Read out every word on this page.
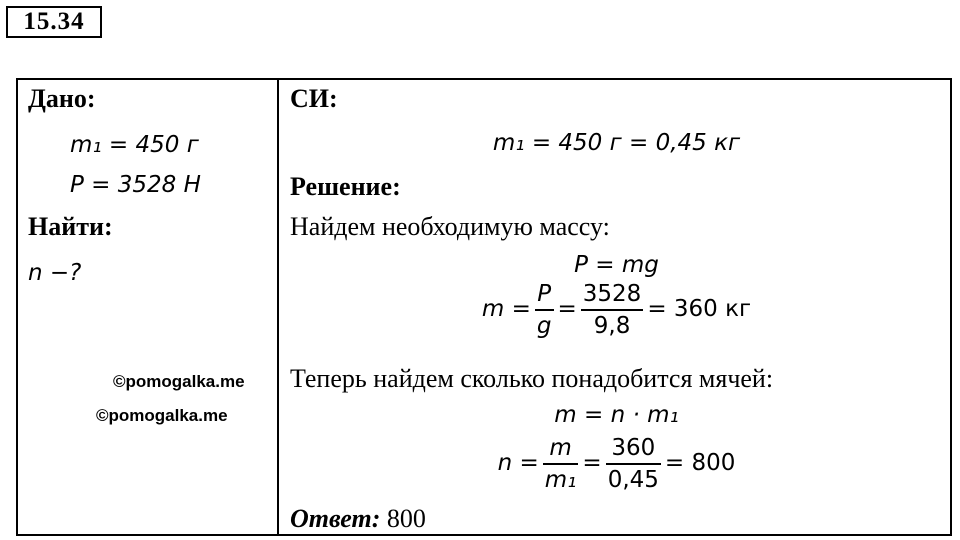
15.34
Дано:
m₁ = 450 г
P = 3528 Н
Найти:
n −?
©pomogalka.me
©pomogalka.me
СИ:
m₁ = 450 г = 0,45 кг
Решение:
Найдем необходимую массу:
P = mg
$m = \frac{P}{g} = \frac{3528}{9,8} = 360$ кг
Теперь найдем сколько понадобится мячей:
m = n · m₁
$n = \frac{m}{\text{m₁}} = \frac{360}{0,45} = 800$
Ответ: 800
